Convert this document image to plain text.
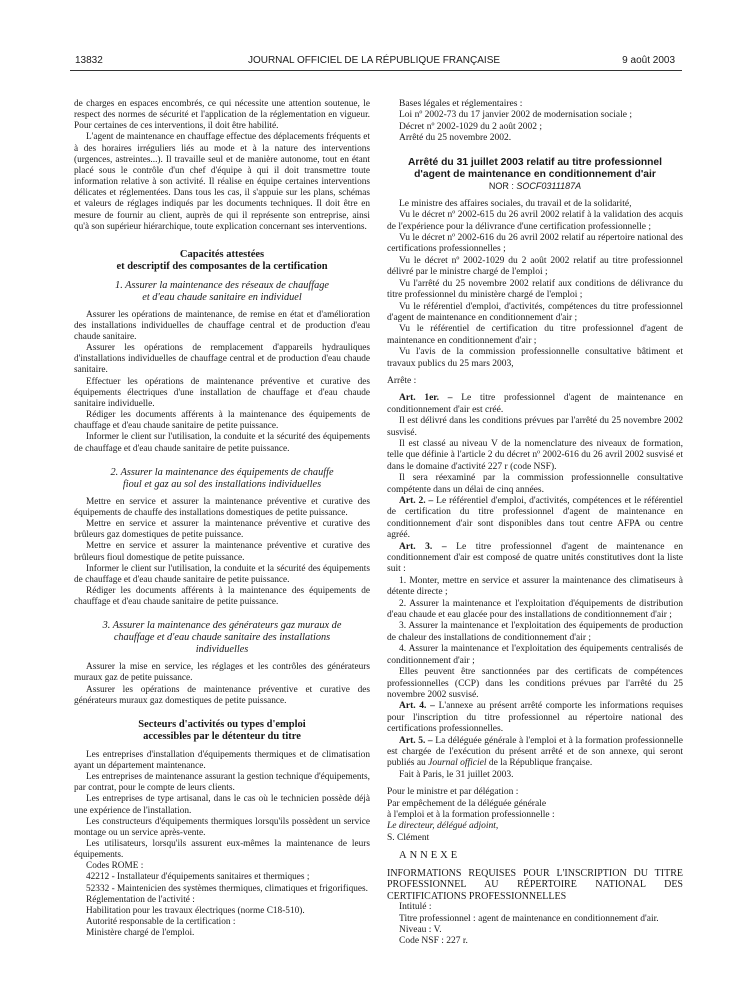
13832	JOURNAL OFFICIEL DE LA RÉPUBLIQUE FRANÇAISE	9 août 2003

de charges en espaces encombrés, ce qui nécessite une attention soutenue, le respect des normes de sécurité et l'application de la réglementation en vigueur. Pour certaines de ces interventions, il doit être habilité.

L'agent de maintenance en chauffage effectue des déplacements fréquents et à des horaires irréguliers liés au mode et à la nature des interventions (urgences, astreintes...). Il travaille seul et de manière autonome, tout en étant placé sous le contrôle d'un chef d'équipe à qui il doit transmettre toute information relative à son activité. Il réalise en équipe certaines interventions délicates et réglementées. Dans tous les cas, il s'appuie sur les plans, schémas et valeurs de réglages indiqués par les documents techniques. Il doit être en mesure de fournir au client, auprès de qui il représente son entreprise, ainsi qu'à son supérieur hiérarchique, toute explication concernant ses interventions.

Capacités attestées
et descriptif des composantes de la certification
1. Assurer la maintenance des réseaux de chauffage
et d'eau chaude sanitaire en individuel

Assurer les opérations de maintenance, de remise en état et d'amélioration des installations individuelles de chauffage central et de production d'eau chaude sanitaire.

Assurer les opérations de remplacement d'appareils hydrauliques d'installations individuelles de chauffage central et de production d'eau chaude sanitaire.

Effectuer les opérations de maintenance préventive et curative des équipements électriques d'une installation de chauffage et d'eau chaude sanitaire individuelle.

Rédiger les documents afférents à la maintenance des équipements de chauffage et d'eau chaude sanitaire de petite puissance.

Informer le client sur l'utilisation, la conduite et la sécurité des équipements de chauffage et d'eau chaude sanitaire de petite puissance.

2. Assurer la maintenance des équipements de chauffe
fioul et gaz au sol des installations individuelles

Mettre en service et assurer la maintenance préventive et curative des équipements de chauffe des installations domestiques de petite puissance.

Mettre en service et assurer la maintenance préventive et curative des brûleurs gaz domestiques de petite puissance.

Mettre en service et assurer la maintenance préventive et curative des brûleurs fioul domestique de petite puissance.

Informer le client sur l'utilisation, la conduite et la sécurité des équipements de chauffage et d'eau chaude sanitaire de petite puissance.

Rédiger les documents afférents à la maintenance des équipements de chauffage et d'eau chaude sanitaire de petite puissance.

3. Assurer la maintenance des générateurs gaz muraux de
chauffage et d'eau chaude sanitaire des installations
individuelles

Assurer la mise en service, les réglages et les contrôles des générateurs muraux gaz de petite puissance.

Assurer les opérations de maintenance préventive et curative des générateurs muraux gaz domestiques de petite puissance.

Secteurs d'activités ou types d'emploi
accessibles par le détenteur du titre

Les entreprises d'installation d'équipements thermiques et de climatisation ayant un département maintenance.

Les entreprises de maintenance assurant la gestion technique d'équipements, par contrat, pour le compte de leurs clients.

Les entreprises de type artisanal, dans le cas où le technicien possède déjà une expérience de l'installation.

Les constructeurs d'équipements thermiques lorsqu'ils possèdent un service montage ou un service après-vente.

Les utilisateurs, lorsqu'ils assurent eux-mêmes la maintenance de leurs équipements.

Codes ROME :

42212 - Installateur d'équipements sanitaires et thermiques ;

52332 - Maintenicien des systèmes thermiques, climatiques et frigorifiques.

Réglementation de l'activité :

Habilitation pour les travaux électriques (norme C18-510).

Autorité responsable de la certification :

Ministère chargé de l'emploi.

Bases légales et réglementaires :

Loi nº 2002-73 du 17 janvier 2002 de modernisation sociale ;

Décret nº 2002-1029 du 2 août 2002 ;

Arrêté du 25 novembre 2002.

Arrêté du 31 juillet 2003 relatif au titre professionnel
d'agent de maintenance en conditionnement d'air
NOR : SOCF0311187A

Le ministre des affaires sociales, du travail et de la solidarité,

Vu le décret nº 2002-615 du 26 avril 2002 relatif à la validation des acquis de l'expérience pour la délivrance d'une certification professionnelle ;

Vu le décret nº 2002-616 du 26 avril 2002 relatif au répertoire national des certifications professionnelles ;

Vu le décret nº 2002-1029 du 2 août 2002 relatif au titre professionnel délivré par le ministre chargé de l'emploi ;

Vu l'arrêté du 25 novembre 2002 relatif aux conditions de délivrance du titre professionnel du ministère chargé de l'emploi ;

Vu le référentiel d'emploi, d'activités, compétences du titre professionnel d'agent de maintenance en conditionnement d'air ;

Vu le référentiel de certification du titre professionnel d'agent de maintenance en conditionnement d'air ;

Vu l'avis de la commission professionnelle consultative bâtiment et travaux publics du 25 mars 2003,

Arrête :

Art. 1er. – Le titre professionnel d'agent de maintenance en conditionnement d'air est créé.

Il est délivré dans les conditions prévues par l'arrêté du 25 novembre 2002 susvisé.

Il est classé au niveau V de la nomenclature des niveaux de formation, telle que définie à l'article 2 du décret nº 2002-616 du 26 avril 2002 susvisé et dans le domaine d'activité 227 r (code NSF).

Il sera réexaminé par la commission professionnelle consultative compétente dans un délai de cinq années.

Art. 2. – Le référentiel d'emploi, d'activités, compétences et le référentiel de certification du titre professionnel d'agent de maintenance en conditionnement d'air sont disponibles dans tout centre AFPA ou centre agréé.

Art. 3. – Le titre professionnel d'agent de maintenance en conditionnement d'air est composé de quatre unités constitutives dont la liste suit :

1. Monter, mettre en service et assurer la maintenance des climatiseurs à détente directe ;

2. Assurer la maintenance et l'exploitation d'équipements de distribution d'eau chaude et eau glacée pour des installations de conditionnement d'air ;

3. Assurer la maintenance et l'exploitation des équipements de production de chaleur des installations de conditionnement d'air ;

4. Assurer la maintenance et l'exploitation des équipements centralisés de conditionnement d'air ;

Elles peuvent être sanctionnées par des certificats de compétences professionnelles (CCP) dans les conditions prévues par l'arrêté du 25 novembre 2002 susvisé.

Art. 4. – L'annexe au présent arrêté comporte les informations requises pour l'inscription du titre professionnel au répertoire national des certifications professionnelles.

Art. 5. – La déléguée générale à l'emploi et à la formation professionnelle est chargée de l'exécution du présent arrêté et de son annexe, qui seront publiés au Journal officiel de la République française.

Fait à Paris, le 31 juillet 2003.

Pour le ministre et par délégation :

Par empêchement de la déléguée générale

à l'emploi et à la formation professionnelle :

Le directeur, délégué adjoint,

S. Clément

ANNEXE

INFORMATIONS REQUISES POUR L'INSCRIPTION DU TITRE PROFESSIONNEL AU RÉPERTOIRE NATIONAL DES CERTIFICATIONS PROFESSIONNELLES

Intitulé :

Titre professionnel : agent de maintenance en conditionnement d'air.

Niveau : V.

Code NSF : 227 r.
